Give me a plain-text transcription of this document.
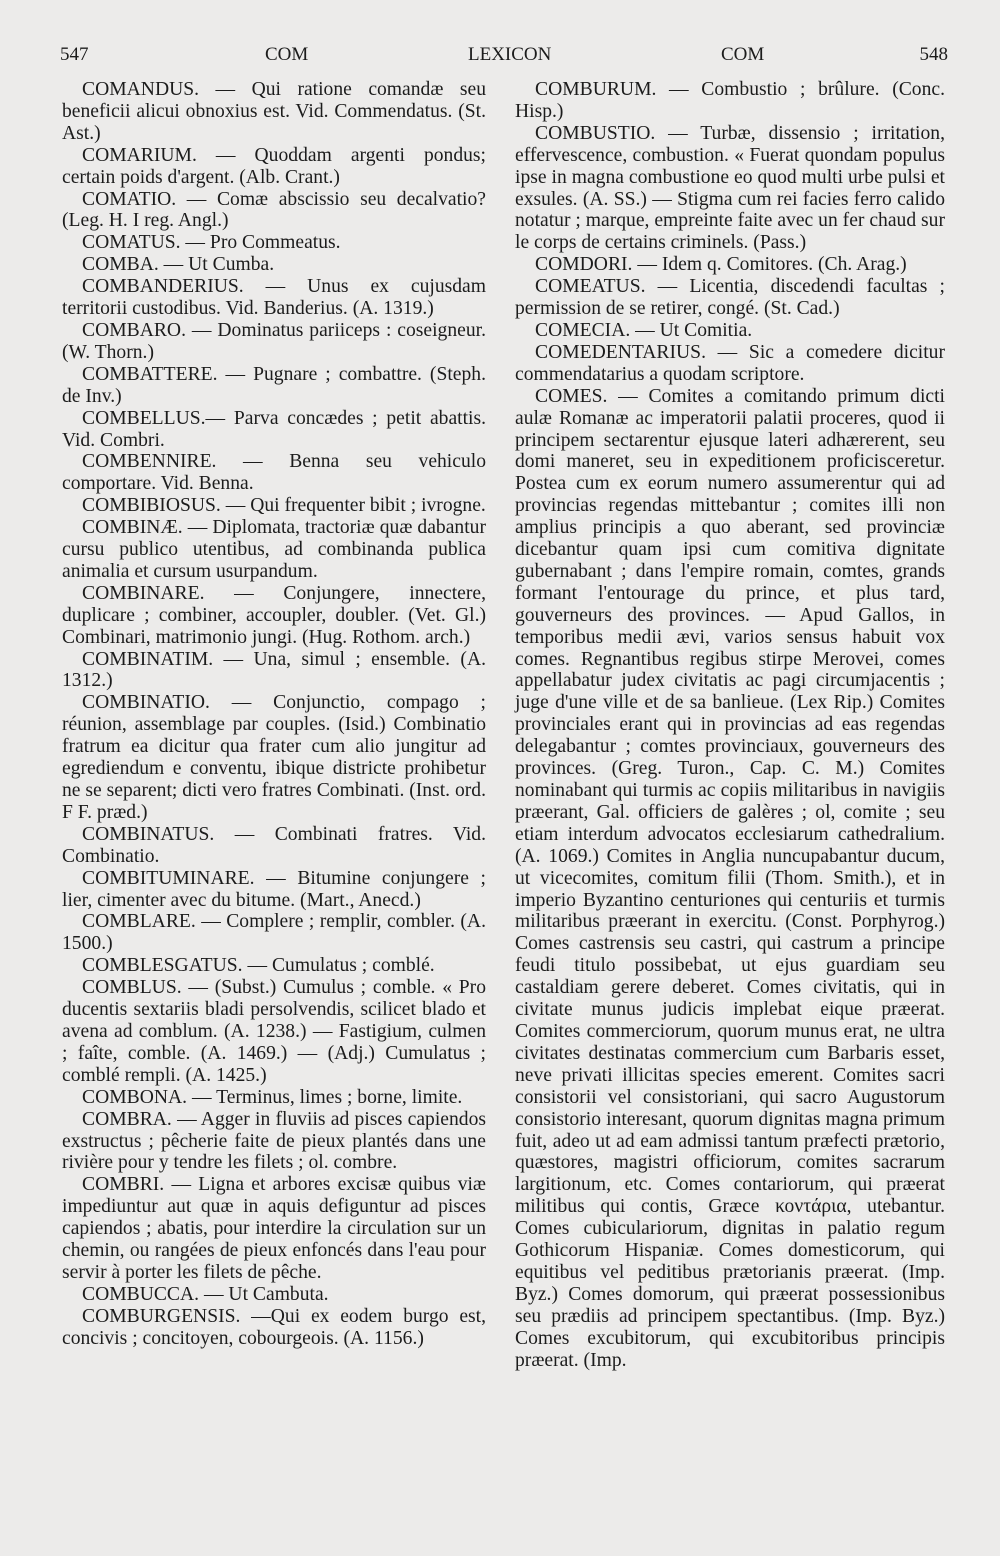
547	COM	LEXICON	COM	548

COMANDUS. — Qui ratione comandæ seu beneficii alicui obnoxius est. Vid. Commendatus. (St. Ast.)

COMARIUM. — Quoddam argenti pondus; certain poids d'argent. (Alb. Crant.)

COMATIO. — Comæ abscissio seu decalvatio? (Leg. H. I reg. Angl.)

COMATUS. — Pro Commeatus.

COMBA. — Ut Cumba.

COMBANDERIUS. — Unus ex cujusdam territorii custodibus. Vid. Banderius. (A. 1319.)

COMBARO. — Dominatus pariiceps : coseigneur. (W. Thorn.)

COMBATTERE. — Pugnare ; combattre. (Steph. de Inv.)

COMBELLUS.— Parva concædes ; petit abattis. Vid. Combri.

COMBENNIRE. — Benna seu vehiculo comportare. Vid. Benna.

COMBIBIOSUS. — Qui frequenter bibit ; ivrogne.

COMBINÆ. — Diplomata, tractoriæ quæ dabantur cursu publico utentibus, ad combinanda publica animalia et cursum usurpandum.

COMBINARE. — Conjungere, innectere, duplicare ; combiner, accoupler, doubler. (Vet. Gl.) Combinari, matrimonio jungi. (Hug. Rothom. arch.)

COMBINATIM. — Una, simul ; ensemble. (A. 1312.)

COMBINATIO. — Conjunctio, compago ; réunion, assemblage par couples. (Isid.) Combinatio fratrum ea dicitur qua frater cum alio jungitur ad egrediendum e conventu, ibique districte prohibetur ne se separent; dicti vero fratres Combinati. (Inst. ord. F F. præd.)

COMBINATUS. — Combinati fratres. Vid. Combinatio.

COMBITUMINARE. — Bitumine conjungere ; lier, cimenter avec du bitume. (Mart., Anecd.)

COMBLARE. — Complere ; remplir, combler. (A. 1500.)

COMBLESGATUS. — Cumulatus ; comblé.

COMBLUS. — (Subst.) Cumulus ; comble. « Pro ducentis sextariis bladi persolvendis, scilicet blado et avena ad comblum. (A. 1238.) — Fastigium, culmen ; faîte, comble. (A. 1469.) — (Adj.) Cumulatus ; comblé rempli. (A. 1425.)

COMBONA. — Terminus, limes ; borne, limite.

COMBRA. — Agger in fluviis ad pisces capiendos exstructus ; pêcherie faite de pieux plantés dans une rivière pour y tendre les filets ; ol. combre.

COMBRI. — Ligna et arbores excisæ quibus viæ impediuntur aut quæ in aquis defiguntur ad pisces capiendos ; abatis, pour interdire la circulation sur un chemin, ou rangées de pieux enfoncés dans l'eau pour servir à porter les filets de pêche.

COMBUCCA. — Ut Cambuta.

COMBURGENSIS. —Qui ex eodem burgo est, concivis ; concitoyen, cobourgeois. (A. 1156.)

COMBURUM. — Combustio ; brûlure. (Conc. Hisp.)

COMBUSTIO. — Turbæ, dissensio ; irritation, effervescence, combustion. « Fuerat quondam populus ipse in magna combustione eo quod multi urbe pulsi et exsules. (A. SS.) — Stigma cum rei facies ferro calido notatur ; marque, empreinte faite avec un fer chaud sur le corps de certains criminels. (Pass.)

COMDORI. — Idem q. Comitores. (Ch. Arag.)

COMEATUS. — Licentia, discedendi facultas ; permission de se retirer, congé. (St. Cad.)

COMECIA. — Ut Comitia.

COMEDENTARIUS. — Sic a comedere dicitur commendatarius a quodam scriptore.

COMES. — Comites a comitando primum dicti aulæ Romanæ ac imperatorii palatii proceres, quod ii principem sectarentur ejusque lateri adhærerent, seu domi maneret, seu in expeditionem proficisceretur. Postea cum ex eorum numero assumerentur qui ad provincias regendas mittebantur ; comites illi non amplius principis a quo aberant, sed provinciæ dicebantur quam ipsi cum comitiva dignitate gubernabant ; dans l'empire romain, comtes, grands formant l'entourage du prince, et plus tard, gouverneurs des provinces. — Apud Gallos, in temporibus medii ævi, varios sensus habuit vox comes. Regnantibus regibus stirpe Merovei, comes appellabatur judex civitatis ac pagi circumjacentis ; juge d'une ville et de sa banlieue. (Lex Rip.) Comites provinciales erant qui in provincias ad eas regendas delegabantur ; comtes provinciaux, gouverneurs des provinces. (Greg. Turon., Cap. C. M.) Comites nominabant qui turmis ac copiis militaribus in navigiis præerant, Gal. officiers de galères ; ol, comite ; seu etiam interdum advocatos ecclesiarum cathedralium. (A. 1069.) Comites in Anglia nuncupabantur ducum, ut vicecomites, comitum filii (Thom. Smith.), et in imperio Byzantino centuriones qui centuriis et turmis militaribus præerant in exercitu. (Const. Porphyrog.) Comes castrensis seu castri, qui castrum a principe feudi titulo possibebat, ut ejus guardiam seu castaldiam gerere deberet. Comes civitatis, qui in civitate munus judicis implebat eique præerat. Comites commerciorum, quorum munus erat, ne ultra civitates destinatas commercium cum Barbaris esset, neve privati illicitas species emerent. Comites sacri consistorii vel consistoriani, qui sacro Augustorum consistorio interesant, quorum dignitas magna primum fuit, adeo ut ad eam admissi tantum præfecti prætorio, quæstores, magistri officiorum, comites sacrarum largitionum, etc. Comes contariorum, qui præerat militibus qui contis, Græce κοντάρια, utebantur. Comes cubiculariorum, dignitas in palatio regum Gothicorum Hispaniæ. Comes domesticorum, qui equitibus vel peditibus prætorianis præerat. (Imp. Byz.) Comes domorum, qui præerat possessionibus seu prædiis ad principem spectantibus. (Imp. Byz.) Comes excubitorum, qui excubitoribus principis præerat. (Imp.
